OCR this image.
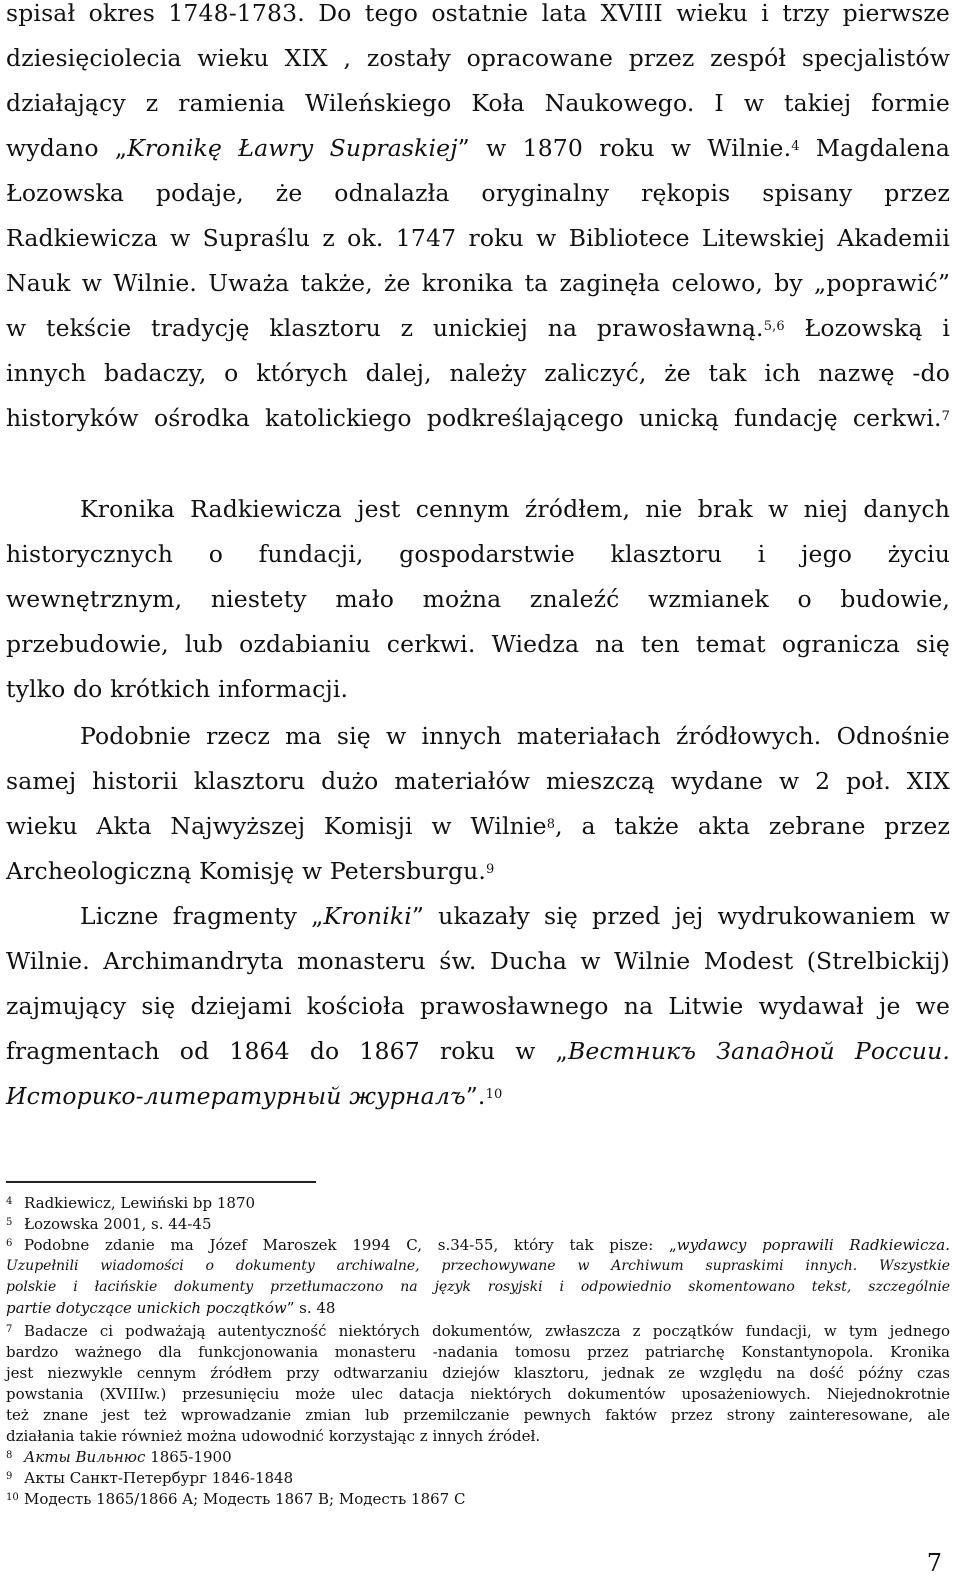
spisał okres 1748-1783. Do tego ostatnie lata XVIII wieku i trzy pierwsze
dziesięciolecia wieku XIX , zostały opracowane przez zespół specjalistów
działający z ramienia Wileńskiego Koła Naukowego. I w takiej formie
wydano „Kronikę Ławry Supraskiej” w 1870 roku w Wilnie.$^4$ Magdalena
Łozowska podaje, że odnalazła oryginalny rękopis spisany przez
Radkiewicza w Supraślu z ok. 1747 roku w Bibliotece Litewskiej Akademii
Nauk w Wilnie. Uważa także, że kronika ta zaginęła celowo, by „poprawić”
w tekście tradycję klasztoru z unickiej na prawosławną.$^{5,6}$ Łozowską i
innych badaczy, o których dalej, należy zaliczyć, że tak ich nazwę -do
historyków ośrodka katolickiego podkreślającego unicką fundację cerkwi.$^7$
Kronika Radkiewicza jest cennym źródłem, nie brak w niej danych
historycznych o fundacji, gospodarstwie klasztoru i jego życiu
wewnętrznym, niestety mało można znaleźć wzmianek o budowie,
przebudowie, lub ozdabianiu cerkwi. Wiedza na ten temat ogranicza się
tylko do krótkich informacji.
Podobnie rzecz ma się w innych materiałach źródłowych. Odnośnie
samej historii klasztoru dużo materiałów mieszczą wydane w 2 poł. XIX
wieku Akta Najwyższej Komisji w Wilnie$^8$, a także akta zebrane przez
Archeologiczną Komisję w Petersburgu.$^9$
Liczne fragmenty „Kroniki” ukazały się przed jej wydrukowaniem w
Wilnie. Archimandryta monasteru św. Ducha w Wilnie Modest (Strelbickij)
zajmujący się dziejami kościoła prawosławnego na Litwie wydawał je we
fragmentach od 1864 do 1867 roku w „Вестникъ Западной России.
Историко-литературный журналъ”.$^{10}$
$^4$ Radkiewicz, Lewiński bp 1870
$^5$ Łozowska 2001, s. 44-45
$^6$ Podobne zdanie ma Józef Maroszek 1994 C, s.34-55, który tak pisze: „wydawcy poprawili Radkiewicza.
Uzupełnili wiadomości o dokumenty archiwalne, przechowywane w Archiwum supraskimi innych. Wszystkie
polskie i łacińskie dokumenty przetłumaczono na język rosyjski i odpowiednio skomentowano tekst, szczególnie
partie dotyczące unickich początków” s. 48
$^7$ Badacze ci podważają autentyczność niektórych dokumentów, zwłaszcza z początków fundacji, w tym jednego
bardzo ważnego dla funkcjonowania monasteru -nadania tomosu przez patriarchę Konstantynopola. Kronika
jest niezwykle cennym źródłem przy odtwarzaniu dziejów klasztoru, jednak ze względu na dość późny czas
powstania (XVIIIw.) przesunięciu może ulec datacja niektórych dokumentów uposażeniowych. Niejednokrotnie
też znane jest też wprowadzanie zmian lub przemilczanie pewnych faktów przez strony zainteresowane, ale
działania takie również można udowodnić korzystając z innych źródeł.
$^8$ Акты Вильнюс 1865-1900
$^9$ Акты Санкт-Петербург 1846-1848
$^{10}$ Модесть 1865/1866 A; Модесть 1867 B; Модесть 1867 C
7
